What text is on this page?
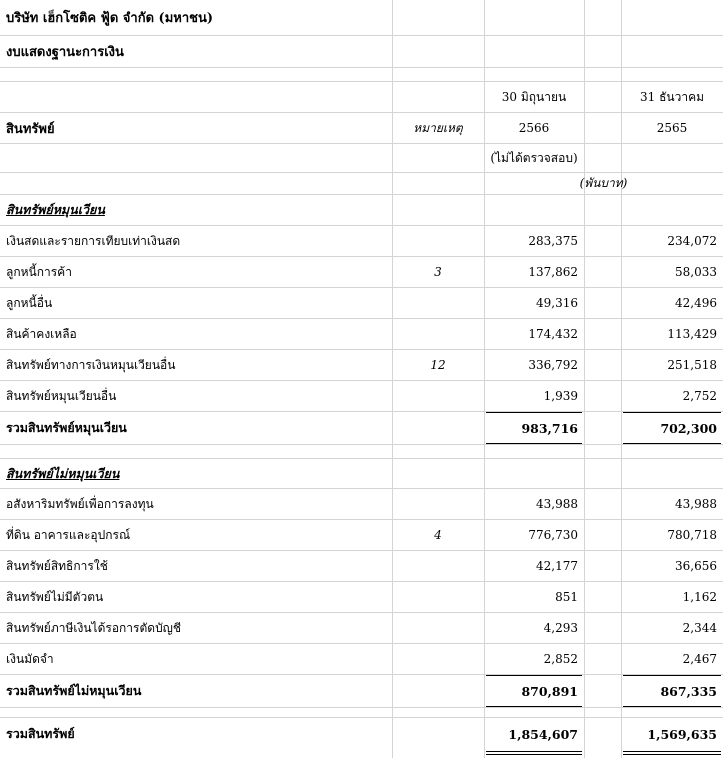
บริษัท เฮ็กโซติค ฟู้ด จำกัด (มหาชน)
งบแสดงฐานะการเงิน
30 มิถุนายน	31 ธันวาคม
สินทรัพย์	หมายเหตุ	2566	2565
(ไม่ได้ตรวจสอบ)
(พันบาท)
สินทรัพย์หมุนเวียน
เงินสดและรายการเทียบเท่าเงินสด	283,375	234,072
ลูกหนี้การค้า	3	137,862	58,033
ลูกหนี้อื่น	49,316	42,496
สินค้าคงเหลือ	174,432	113,429
สินทรัพย์ทางการเงินหมุนเวียนอื่น	12	336,792	251,518
สินทรัพย์หมุนเวียนอื่น	1,939	2,752
รวมสินทรัพย์หมุนเวียน	983,716	702,300
สินทรัพย์ไม่หมุนเวียน
อสังหาริมทรัพย์เพื่อการลงทุน	43,988	43,988
ที่ดิน อาคารและอุปกรณ์	4	776,730	780,718
สินทรัพย์สิทธิการใช้	42,177	36,656
สินทรัพย์ไม่มีตัวตน	851	1,162
สินทรัพย์ภาษีเงินได้รอการตัดบัญชี	4,293	2,344
เงินมัดจำ	2,852	2,467
รวมสินทรัพย์ไม่หมุนเวียน	870,891	867,335
รวมสินทรัพย์	1,854,607	1,569,635
